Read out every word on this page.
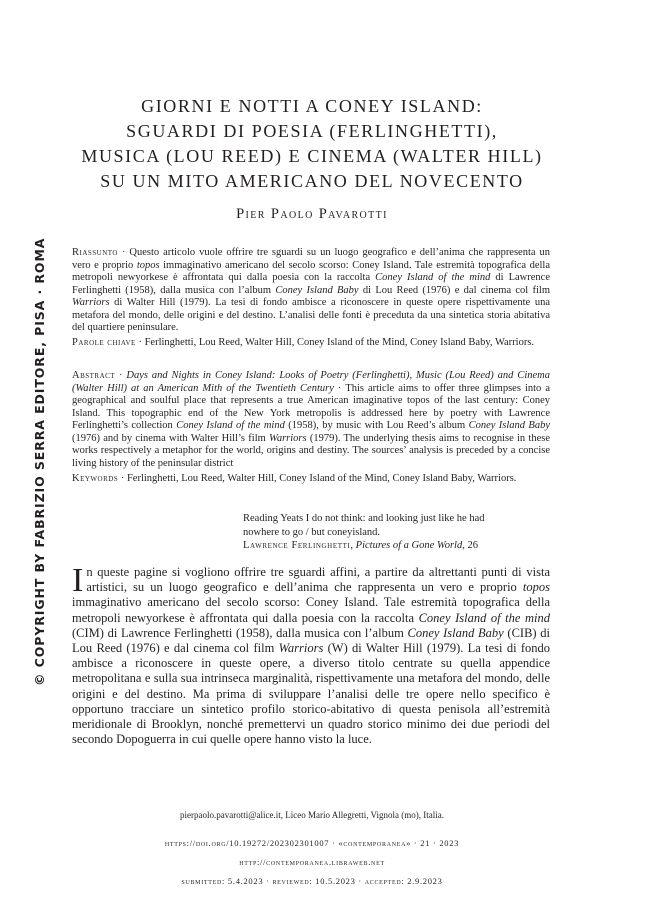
© COPYRIGHT BY FABRIZIO SERRA EDITORE, PISA · ROMA
GIORNI E NOTTI A CONEY ISLAND:
SGUARDI DI POESIA (FERLINGHETTI),
MUSICA (LOU REED) E CINEMA (WALTER HILL)
SU UN MITO AMERICANO DEL NOVECENTO
Pier Paolo Pavarotti
Riassunto · Questo articolo vuole offrire tre sguardi su un luogo geografico e dell’anima che rappresenta un vero e proprio topos immaginativo americano del secolo scorso: Coney Island. Tale estremità topografica della metropoli newyorkese è affrontata qui dalla poesia con la raccolta Coney Island of the mind di Lawrence Ferlinghetti (1958), dalla musica con l’album Coney Island Baby di Lou Reed (1976) e dal cinema col film Warriors di Walter Hill (1979). La tesi di fondo ambisce a riconoscere in queste opere rispettivamente una metafora del mondo, delle origini e del destino. L’analisi delle fonti è preceduta da una sintetica storia abitativa del quartiere peninsulare.
Parole chiave · Ferlinghetti, Lou Reed, Walter Hill, Coney Island of the Mind, Coney Island Baby, Warriors.
Abstract · Days and Nights in Coney Island: Looks of Poetry (Ferlinghetti), Music (Lou Reed) and Cinema (Walter Hill) at an American Mith of the Twentieth Century · This article aims to offer three glimpses into a geographical and soulful place that represents a true American imaginative topos of the last century: Coney Island. This topographic end of the New York metropolis is addressed here by poetry with Lawrence Ferlinghetti’s collection Coney Island of the mind (1958), by music with Lou Reed’s album Coney Island Baby (1976) and by cinema with Walter Hill’s film Warriors (1979). The underlying thesis aims to recognise in these works respectively a metaphor for the world, origins and destiny. The sources’ analysis is preceded by a concise living history of the peninsular district
Keywords · Ferlinghetti, Lou Reed, Walter Hill, Coney Island of the Mind, Coney Island Baby, Warriors.
Reading Yeats I do not think: and looking just like he had
nowhere to go / but coneyisland.
Lawrence Ferlinghetti, Pictures of a Gone World, 26
In queste pagine si vogliono offrire tre sguardi affini, a partire da altrettanti punti di vista artistici, su un luogo geografico e dell’anima che rappresenta un vero e proprio topos immaginativo americano del secolo scorso: Coney Island. Tale estremità topografica della metropoli newyorkese è affrontata qui dalla poesia con la raccolta Coney Island of the mind (CIM) di Lawrence Ferlinghetti (1958), dalla musica con l’album Coney Island Baby (CIB) di Lou Reed (1976) e dal cinema col film Warriors (W) di Walter Hill (1979). La tesi di fondo ambisce a riconoscere in queste opere, a diverso titolo centrate su quella appendice metropolitana e sulla sua intrinseca marginalità, rispettivamente una metafora del mondo, delle origini e del destino. Ma prima di sviluppare l’analisi delle tre opere nello specifico è opportuno tracciare un sintetico profilo storico-abitativo di questa penisola all’estremità meridionale di Brooklyn, nonché premettervi un quadro storico minimo dei due periodi del secondo Dopoguerra in cui quelle opere hanno visto la luce.
pierpaolo.pavarotti@alice.it, Liceo Mario Allegretti, Vignola (mo), Italia.
https://doi.org/10.19272/202302301007 · «contemporanea» · 21 · 2023
http://contemporanea.libraweb.net
submitted: 5.4.2023 · reviewed: 10.5.2023 · accepted: 2.9.2023
